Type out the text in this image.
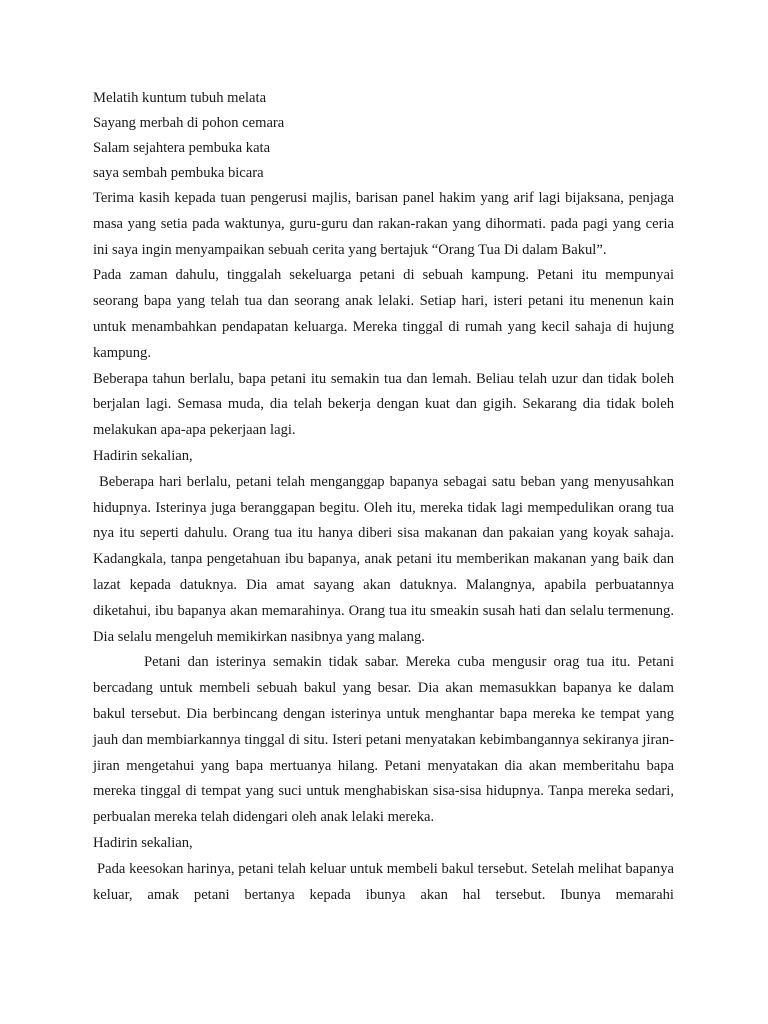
Melatih kuntum tubuh melata
Sayang merbah di pohon cemara
Salam sejahtera pembuka kata
saya sembah pembuka bicara

Terima kasih kepada tuan pengerusi majlis, barisan panel hakim yang arif lagi bijaksana, penjaga masa yang setia pada waktunya, guru-guru dan rakan-rakan yang dihormati. pada pagi yang ceria ini saya ingin menyampaikan sebuah cerita yang bertajuk “Orang Tua Di dalam Bakul”.

Pada zaman dahulu, tinggalah sekeluarga petani di sebuah kampung. Petani itu mempunyai seorang bapa yang telah tua dan seorang anak lelaki. Setiap hari, isteri petani itu menenun kain untuk menambahkan pendapatan keluarga. Mereka tinggal di rumah yang kecil sahaja di hujung kampung.

Beberapa tahun berlalu, bapa petani itu semakin tua dan lemah. Beliau telah uzur dan tidak boleh berjalan lagi. Semasa muda, dia telah bekerja dengan kuat dan gigih. Sekarang dia tidak boleh melakukan apa-apa pekerjaan lagi.

Hadirin sekalian,

Beberapa hari berlalu, petani telah menganggap bapanya sebagai satu beban yang menyusahkan hidupnya. Isterinya juga beranggapan begitu. Oleh itu, mereka tidak lagi mempedulikan orang tua nya itu seperti dahulu. Orang tua itu hanya diberi sisa makanan dan pakaian yang koyak sahaja. Kadangkala, tanpa pengetahuan ibu bapanya, anak petani itu memberikan makanan yang baik dan lazat kepada datuknya. Dia amat sayang akan datuknya. Malangnya, apabila perbuatannya diketahui, ibu bapanya akan memarahinya. Orang tua itu smeakin susah hati dan selalu termenung. Dia selalu mengeluh memikirkan nasibnya yang malang.

Petani dan isterinya semakin tidak sabar. Mereka cuba mengusir orag tua itu. Petani bercadang untuk membeli sebuah bakul yang besar. Dia akan memasukkan bapanya ke dalam bakul tersebut. Dia berbincang dengan isterinya untuk menghantar bapa mereka ke tempat yang jauh dan membiarkannya tinggal di situ. Isteri petani menyatakan kebimbangannya sekiranya jiran-jiran mengetahui yang bapa mertuanya hilang. Petani menyatakan dia akan memberitahu bapa mereka tinggal di tempat yang suci untuk menghabiskan sisa-sisa hidupnya. Tanpa mereka sedari, perbualan mereka telah didengari oleh anak lelaki mereka.

Hadirin sekalian,

Pada keesokan harinya, petani telah keluar untuk membeli bakul tersebut. Setelah melihat bapanya keluar, amak petani bertanya kepada ibunya akan hal tersebut. Ibunya memarahi
